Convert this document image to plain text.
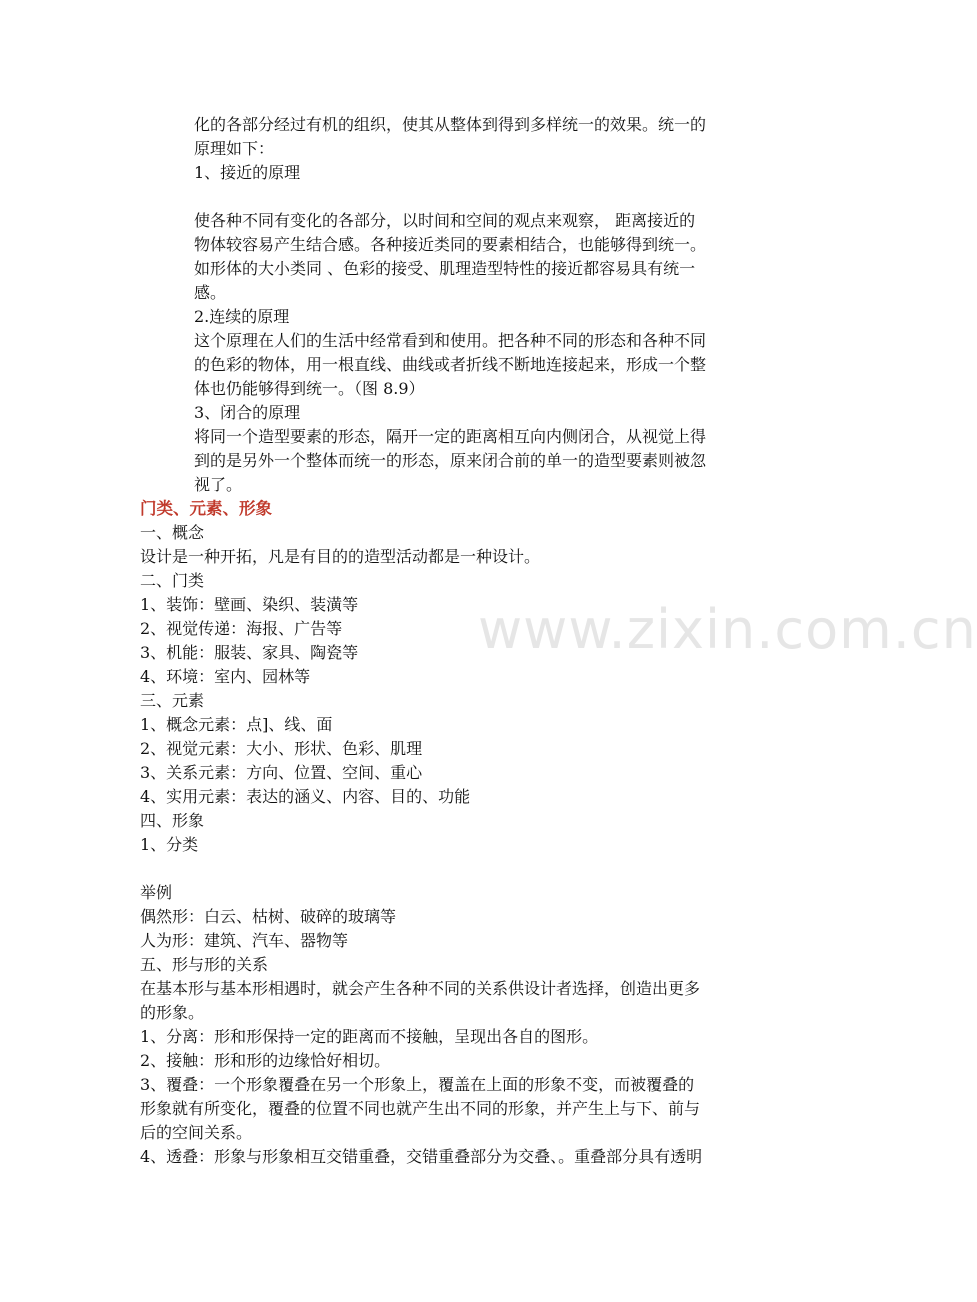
www.zixin.com.cn
化的各部分经过有机的组织，使其从整体到得到多样统一的效果。统一的
原理如下：
1、接近的原理
使各种不同有变化的各部分，以时间和空间的观点来观察， 距离接近的
物体较容易产生结合感。各种接近类同的要素相结合，也能够得到统一。
如形体的大小类同 、色彩的接受、肌理造型特性的接近都容易具有统一
感。
2.连续的原理
这个原理在人们的生活中经常看到和使用。把各种不同的形态和各种不同
的色彩的物体，用一根直线、曲线或者折线不断地连接起来，形成一个整
体也仍能够得到统一。（图 8.9）
3、闭合的原理
将同一个造型要素的形态，隔开一定的距离相互向内侧闭合，从视觉上得
到的是另外一个整体而统一的形态，原来闭合前的单一的造型要素则被忽
视了。
门类、元素、形象
一、概念
设计是一种开拓，凡是有目的的造型活动都是一种设计。
二、门类
1、装饰：壁画、染织、装潢等
2、视觉传递：海报、广告等
3、机能：服装、家具、陶瓷等
4、环境：室内、园林等
三、元素
1、概念元素：点]、线、面
2、视觉元素：大小、形状、色彩、肌理
3、关系元素：方向、位置、空间、重心
4、实用元素：表达的涵义、内容、目的、功能
四、形象
1、分类
举例
偶然形：白云、枯树、破碎的玻璃等
人为形：建筑、汽车、器物等
五、形与形的关系
在基本形与基本形相遇时，就会产生各种不同的关系供设计者选择，创造出更多
的形象。
1、分离：形和形保持一定的距离而不接触，呈现出各自的图形。
2、接触：形和形的边缘恰好相切。
3、覆叠：一个形象覆叠在另一个形象上，覆盖在上面的形象不变，而被覆叠的
形象就有所变化，覆叠的位置不同也就产生出不同的形象，并产生上与下、前与
后的空间关系。
4、透叠：形象与形象相互交错重叠，交错重叠部分为交叠、。重叠部分具有透明
